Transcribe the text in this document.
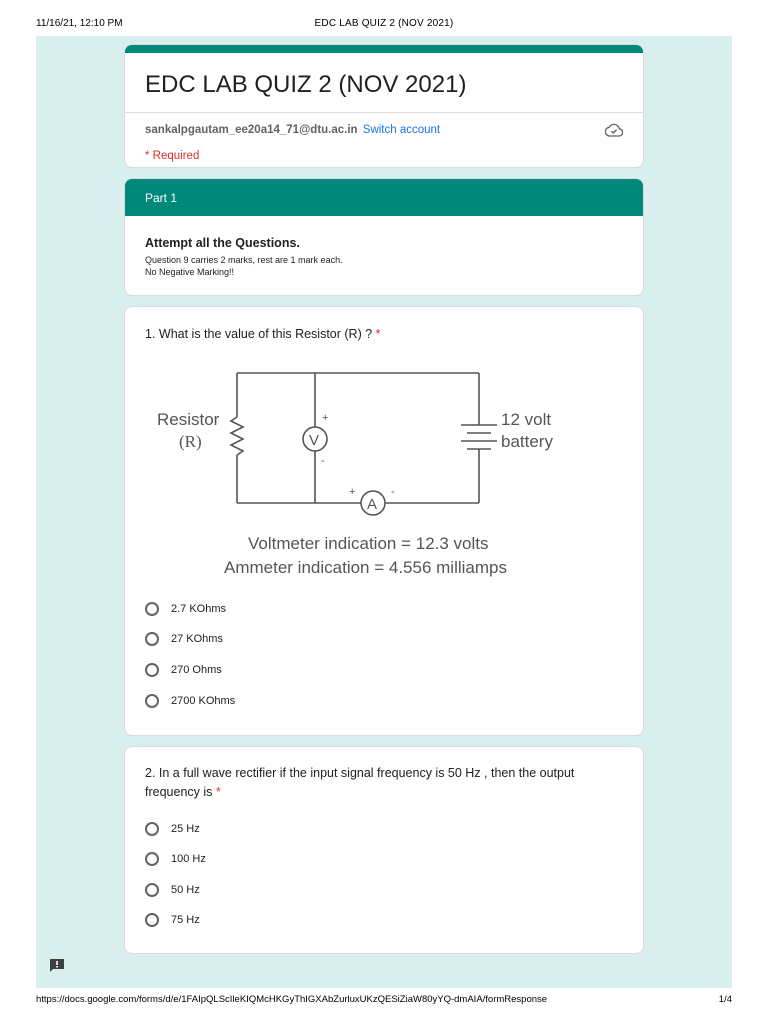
11/16/21, 12:10 PM	EDC LAB QUIZ 2 (NOV 2021)
EDC LAB QUIZ 2 (NOV 2021)
sankalpgautam_ee20a14_71@dtu.ac.in Switch account
* Required
Part 1
Attempt all the Questions.
Question 9 carries 2 marks, rest are 1 mark each.
No Negative Marking!!
1. What is the value of this Resistor (R) ? *
Resistor
(R)	V
+
-
A
+	-
12 volt
battery
Voltmeter indication = 12.3 volts
Ammeter indication = 4.556 milliamps
2.7 KOhms
27 KOhms
270 Ohms
2700 KOhms
2. In a full wave rectifier if the input signal frequency is 50 Hz , then the output frequency is *
25 Hz
100 Hz
50 Hz
75 Hz
https://docs.google.com/forms/d/e/1FAIpQLScIleKIQMcHKGyThIGXAbZurluxUKzQESiZiaW80yYQ-dmAIA/formResponse	1/4
